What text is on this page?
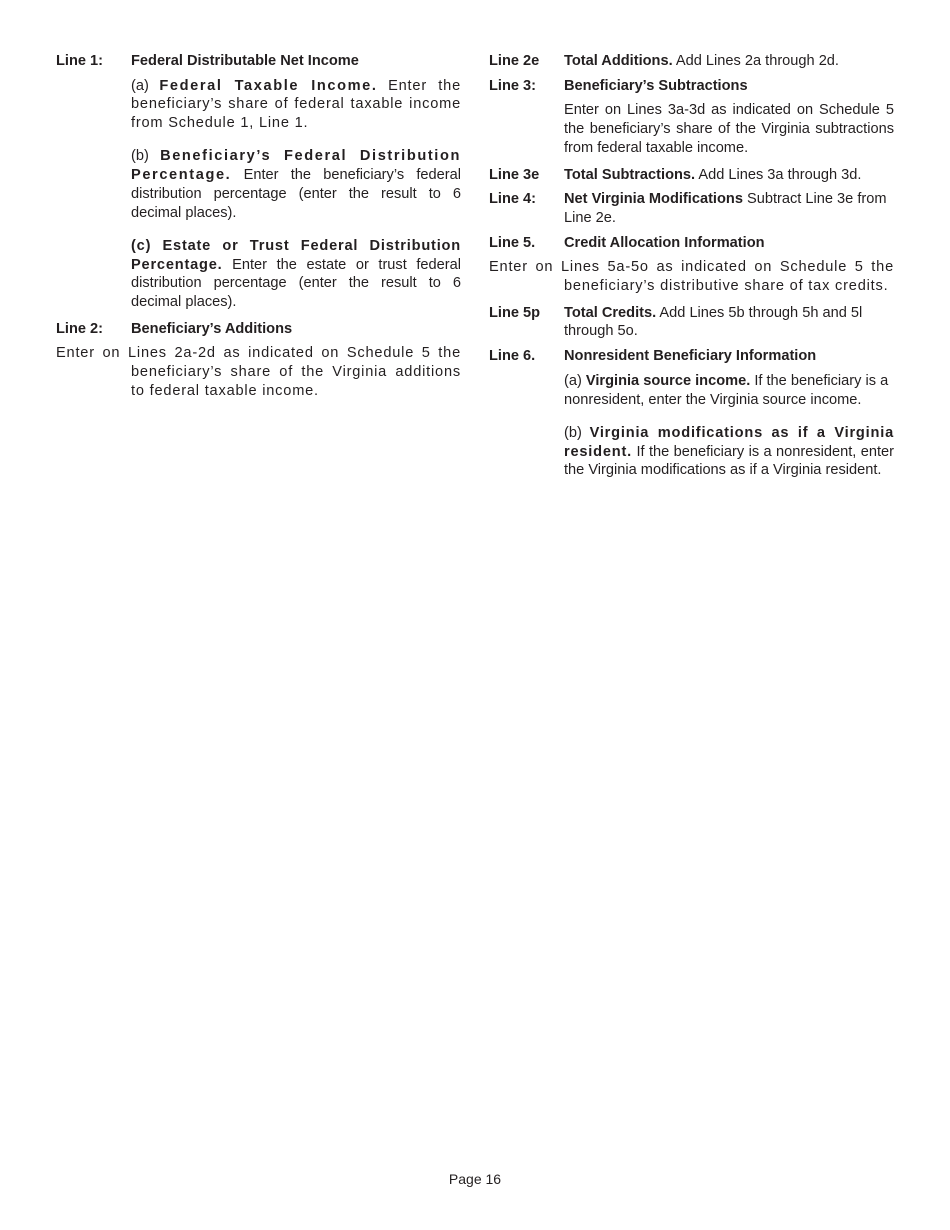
Line 1:	Federal Distributable Net Income

(a) Federal Taxable Income. Enter the beneficiary’s share of federal taxable income from Schedule 1, Line 1.

(b) Beneficiary’s Federal Distribution Percentage. Enter the beneficiary’s federal distribution percentage (enter the result to 6 decimal places).

(c) Estate or Trust Federal Distribution Percentage. Enter the estate or trust federal distribution percentage (enter the result to 6 decimal places).

Line 2:	Beneficiary’s Additions

Enter on Lines 2a-2d as indicated on Schedule 5 the beneficiary’s share of the Virginia additions to federal taxable income.

Line 2e	Total Additions. Add Lines 2a through 2d.
Line 3:	Beneficiary’s Subtractions

Enter on Lines 3a-3d as indicated on Schedule 5 the beneficiary’s share of the Virginia subtractions from federal taxable income.

Line 3e	Total Subtractions. Add Lines 3a through 3d.
Line 4:	Net Virginia Modifications Subtract Line 3e from Line 2e.
Line 5.	Credit Allocation Information

Enter on Lines 5a-5o as indicated on Schedule 5 the beneficiary’s distributive share of tax credits.

Line 5p	Total Credits. Add Lines 5b through 5h and 5l through 5o.
Line 6.	Nonresident Beneficiary Information

(a) Virginia source income. If the beneficiary is a nonresident, enter the Virginia source income.

(b) Virginia modifications as if a Virginia resident. If the beneficiary is a nonresident, enter the Virginia modifications as if a Virginia resident.

Page 16
